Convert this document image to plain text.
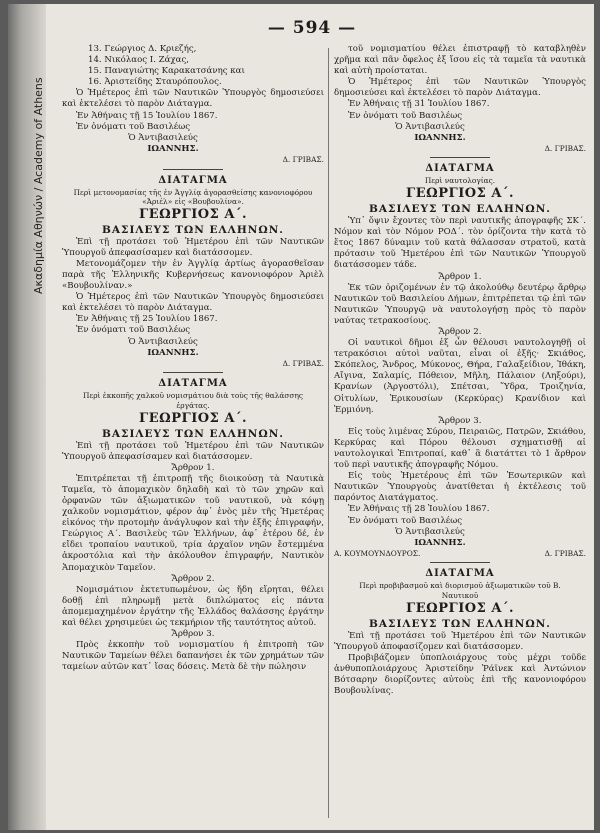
Ακαδημία Αθηνών / Academy of Athens
— 594 —

13. Γεώργιος Δ. Κριεζής,

14. Νικόλαος Ι. Ζάχας,

15. Παναγιώτης Καρακατσάνης και

16. Ἀριστείδης Σταυρόπουλος.

Ὁ Ἡμέτερος ἐπὶ τῶν Ναυτικῶν Ὑπουργὸς δημοσιεύσει καὶ ἐκτελέσει τὸ παρὸν Διάταγμα.

Ἐν Ἀθήναις τῇ 15 Ἰουλίου 1867.

Ἐν ὀνόματι τοῦ Βασιλέως

Ὁ Ἀντιβασιλεύς

ΙΩΑΝΝΗΣ.

Δ. ΓΡΙΒΑΣ.

ΔΙΑΤΑΓΜΑ

Περὶ μετονομασίας τῆς ἐν Ἀγγλίᾳ ἀγορασθείσης κανονιοφόρου «Ἀριέλ» εἰς «Βουβουλίνα».

ΓΕΩΡΓΙΟΣ Α΄.

ΒΑΣΙΛΕΥΣ ΤΩΝ ΕΛΛΗΝΩΝ.

Ἐπὶ τῇ προτάσει τοῦ Ἡμετέρου ἐπὶ τῶν Ναυτικῶν Ὑπουργοῦ ἀπεφασίσαμεν καὶ διατάσσομεν.

Μετονομάζομεν τὴν ἐν Ἀγγλίᾳ ἀρτίως ἀγορασθεῖσαν παρὰ τῆς Ἑλληνικῆς Κυβερνήσεως κανονιοφόρον Ἀριὲλ «Βουβουλίναν.»

Ὁ Ἡμέτερος ἐπὶ τῶν Ναυτικῶν Ὑπουργὸς δημοσιεύσει καὶ ἐκτελέσει τὸ παρὸν Διάταγμα.

Ἐν Ἀθήναις τῇ 25 Ἰουλίου 1867.

Ἐν ὀνόματι τοῦ Βασιλέως

Ὁ Ἀντιβασιλεύς

ΙΩΑΝΝΗΣ.

Δ. ΓΡΙΒΑΣ.

ΔΙΑΤΑΓΜΑ

Περὶ ἐκκοπῆς χαλκοῦ νομισμάτιου διὰ τοὺς τῆς θαλάσσης ἐργάτας.

ΓΕΩΡΓΙΟΣ Α΄.

ΒΑΣΙΛΕΥΣ ΤΩΝ ΕΛΛΗΝΩΝ.

Ἐπὶ τῇ προτάσει τοῦ Ἡμετέρου ἐπὶ τῶν Ναυτικῶν Ὑπουργοῦ ἀπεφασίσαμεν καὶ διατάσσομεν.

Ἄρθρον 1.

Ἐπιτρέπεται τῇ ἐπιτροπῇ τῆς διοικούσῃ τὰ Ναυτικὰ Ταμεῖα, τὸ ἀπομαχικὸν δηλαδὴ καὶ τὸ τῶν χηρῶν καὶ ὀρφανῶν τῶν ἀξιωματικῶν τοῦ ναυτικοῦ, νὰ κόψῃ χαλκοῦν νομισμάτιον, φέρον ἀφ᾽ ἑνὸς μὲν τῆς Ἡμετέρας εἰκόνος τὴν προτομὴν ἀνάγλυφον καὶ τὴν ἐξῆς ἐπιγραφήν, Γεώργιος Α΄. Βασιλεὺς τῶν Ἑλλήνων, ἀφ᾽ ἑτέρου δέ, ἐν εἴδει τροπαίου ναυτικοῦ, τρία ἀρχαῖον νηῶν ἔστεμμένα ἀκροστόλια καὶ τὴν ἀκόλουθον ἐπιγραφήν, Ναυτικὸν Ἀπομαχικὸν Ταμεῖον.

Ἄρθρον 2.

Νομισμάτιον ἐκτετυπωμένον, ὡς ἤδη εἴρηται, θέλει δοθῇ ἐπὶ πληρωμῇ μετὰ διπλώματος εἰς πάντα ἀπομεμαχημένον ἐργάτην τῆς Ἑλλάδος θαλάσσης ἐργάτην καὶ θέλει χρησιμεύει ὡς τεκμήριον τῆς ταυτότητος αὐτοῦ.

Ἄρθρον 3.

Πρὸς ἐκκοπὴν τοῦ νομισματίου ἡ ἐπιτροπὴ τῶν Ναυτικῶν Ταμείων θέλει δαπανήσει ἐκ τῶν χρημάτων τῶν ταμείων αὐτῶν κατ᾽ ἴσας δόσεις. Μετὰ δὲ τὴν πώλησιν

τοῦ νομισματίου θέλει ἐπιστραφῇ τὸ καταβληθὲν χρῆμα καὶ πᾶν ὄφελος ἐξ ἴσου εἰς τὰ ταμεῖα τὰ ναυτικὰ καὶ αὐτὴ προίσταται.

Ὁ Ἡμέτερος ἐπὶ τῶν Ναυτικῶν Ὑπουργὸς δημοσιεύσει καὶ ἐκτελέσει τὸ παρὸν Διάταγμα.

Ἐν Ἀθήναις τῇ 31 Ἰουλίου 1867.

Ἐν ὀνόματι τοῦ Βασιλέως

Ὁ Ἀντιβασιλεύς

ΙΩΑΝΝΗΣ.

Δ. ΓΡΙΒΑΣ.

ΔΙΑΤΑΓΜΑ

Περὶ ναυτολογίας.

ΓΕΩΡΓΙΟΣ Α΄.

ΒΑΣΙΛΕΥΣ ΤΩΝ ΕΛΛΗΝΩΝ.

Ὑπ᾽ ὄψιν ἔχοντες τὸν περὶ ναυτικῆς ἀπογραφῆς ΣΚ΄. Νόμον καὶ τὸν Νόμον ΡΟΔ΄. τὸν ὁρίζοντα τὴν κατὰ τὸ ἔτος 1867 δύναμιν τοῦ κατὰ θάλασσαν στρατοῦ, κατὰ πρότασιν τοῦ Ἡμετέρου ἐπὶ τῶν Ναυτικῶν Ὑπουργοῦ διατάσσομεν τάδε.

Ἄρθρον 1.

Ἐκ τῶν ὁριζομένων ἐν τῷ ἀκολούθῳ δευτέρῳ ἄρθρῳ Ναυτικῶν τοῦ Βασιλείου Δήμων, ἐπιτρέπεται τῷ ἐπὶ τῶν Ναυτικῶν Ὑπουργῷ νὰ ναυτολογήσῃ πρὸς τὸ παρὸν ναύτας τετρακοσίους.

Ἄρθρον 2.

Οἱ ναυτικοὶ δῆμοι ἐξ ὧν θέλουσι ναυτολογηθῇ οἱ τετρακόσιοι αὐτοὶ ναῦται, εἶναι οἱ ἐξῆς· Σκιάθος, Σκόπελος, Ἄνδρος, Μύκονος, Θήρα, Γαλαξείδιον, Ἰθάκη, Αἴγινα, Σαλαμίς, Πόθειον, Μῆλη, Πάλαιον (Ληξούρι), Κρανίων (Ἀργοστόλι), Σπέτσαι, Ὕδρα, Τροιζηνία, Οἰτυλίων, Ἐρικουσίων (Κερκύρας) Κρανίδιον καὶ Ἐρμιόνη.

Ἄρθρον 3.

Εἰς τοὺς λιμένας Σύρου, Πειραιῶς, Πατρῶν, Σκιάθου, Κερκύρας καὶ Πόρου θέλουσι σχηματισθῇ αἱ ναυτολογικαὶ Ἐπιτροπαί, καθ᾽ ἃ διατάττει τὸ 1 ἄρθρον τοῦ περὶ ναυτικῆς ἀπογραφῆς Νόμου.

Εἰς τοὺς Ἡμετέρους ἐπὶ τῶν Ἐσωτερικῶν καὶ Ναυτικῶν Ὑπουργοὺς ἀνατίθεται ἡ ἐκτέλεσις τοῦ παρόντος Διατάγματος.

Ἐν Ἀθήναις τῇ 28 Ἰουλίου 1867.

Ἐν ὀνόματι τοῦ Βασιλέως

Ὁ Ἀντιβασιλεύς

ΙΩΑΝΝΗΣ.

Α. ΚΟΥΜΟΥΝΔΟΥΡΟΣ.	Δ. ΓΡΙΒΑΣ.

ΔΙΑΤΑΓΜΑ

Περὶ προβιβασμοῦ καὶ διορισμοῦ ἀξιωματικῶν τοῦ Β. Ναυτικοῦ

ΓΕΩΡΓΙΟΣ Α΄.

ΒΑΣΙΛΕΥΣ ΤΩΝ ΕΛΛΗΝΩΝ.

Ἐπὶ τῇ προτάσει τοῦ Ἡμετέρου ἐπὶ τῶν Ναυτικῶν Ὑπουργοῦ ἀποφασίζομεν καὶ διατάσσομεν.

Προβιβάζομεν ὑποπλοιάρχους τοὺς μέχρι τοῦδε ἀνθυποπλοιάρχους Ἀριστείδην Ῥάϊνεκ καὶ Ἀντώνιον Βότσαρην διορίζοντες αὐτοὺς ἐπὶ τῆς κανονιοφόρου Βουβουλίνας.
